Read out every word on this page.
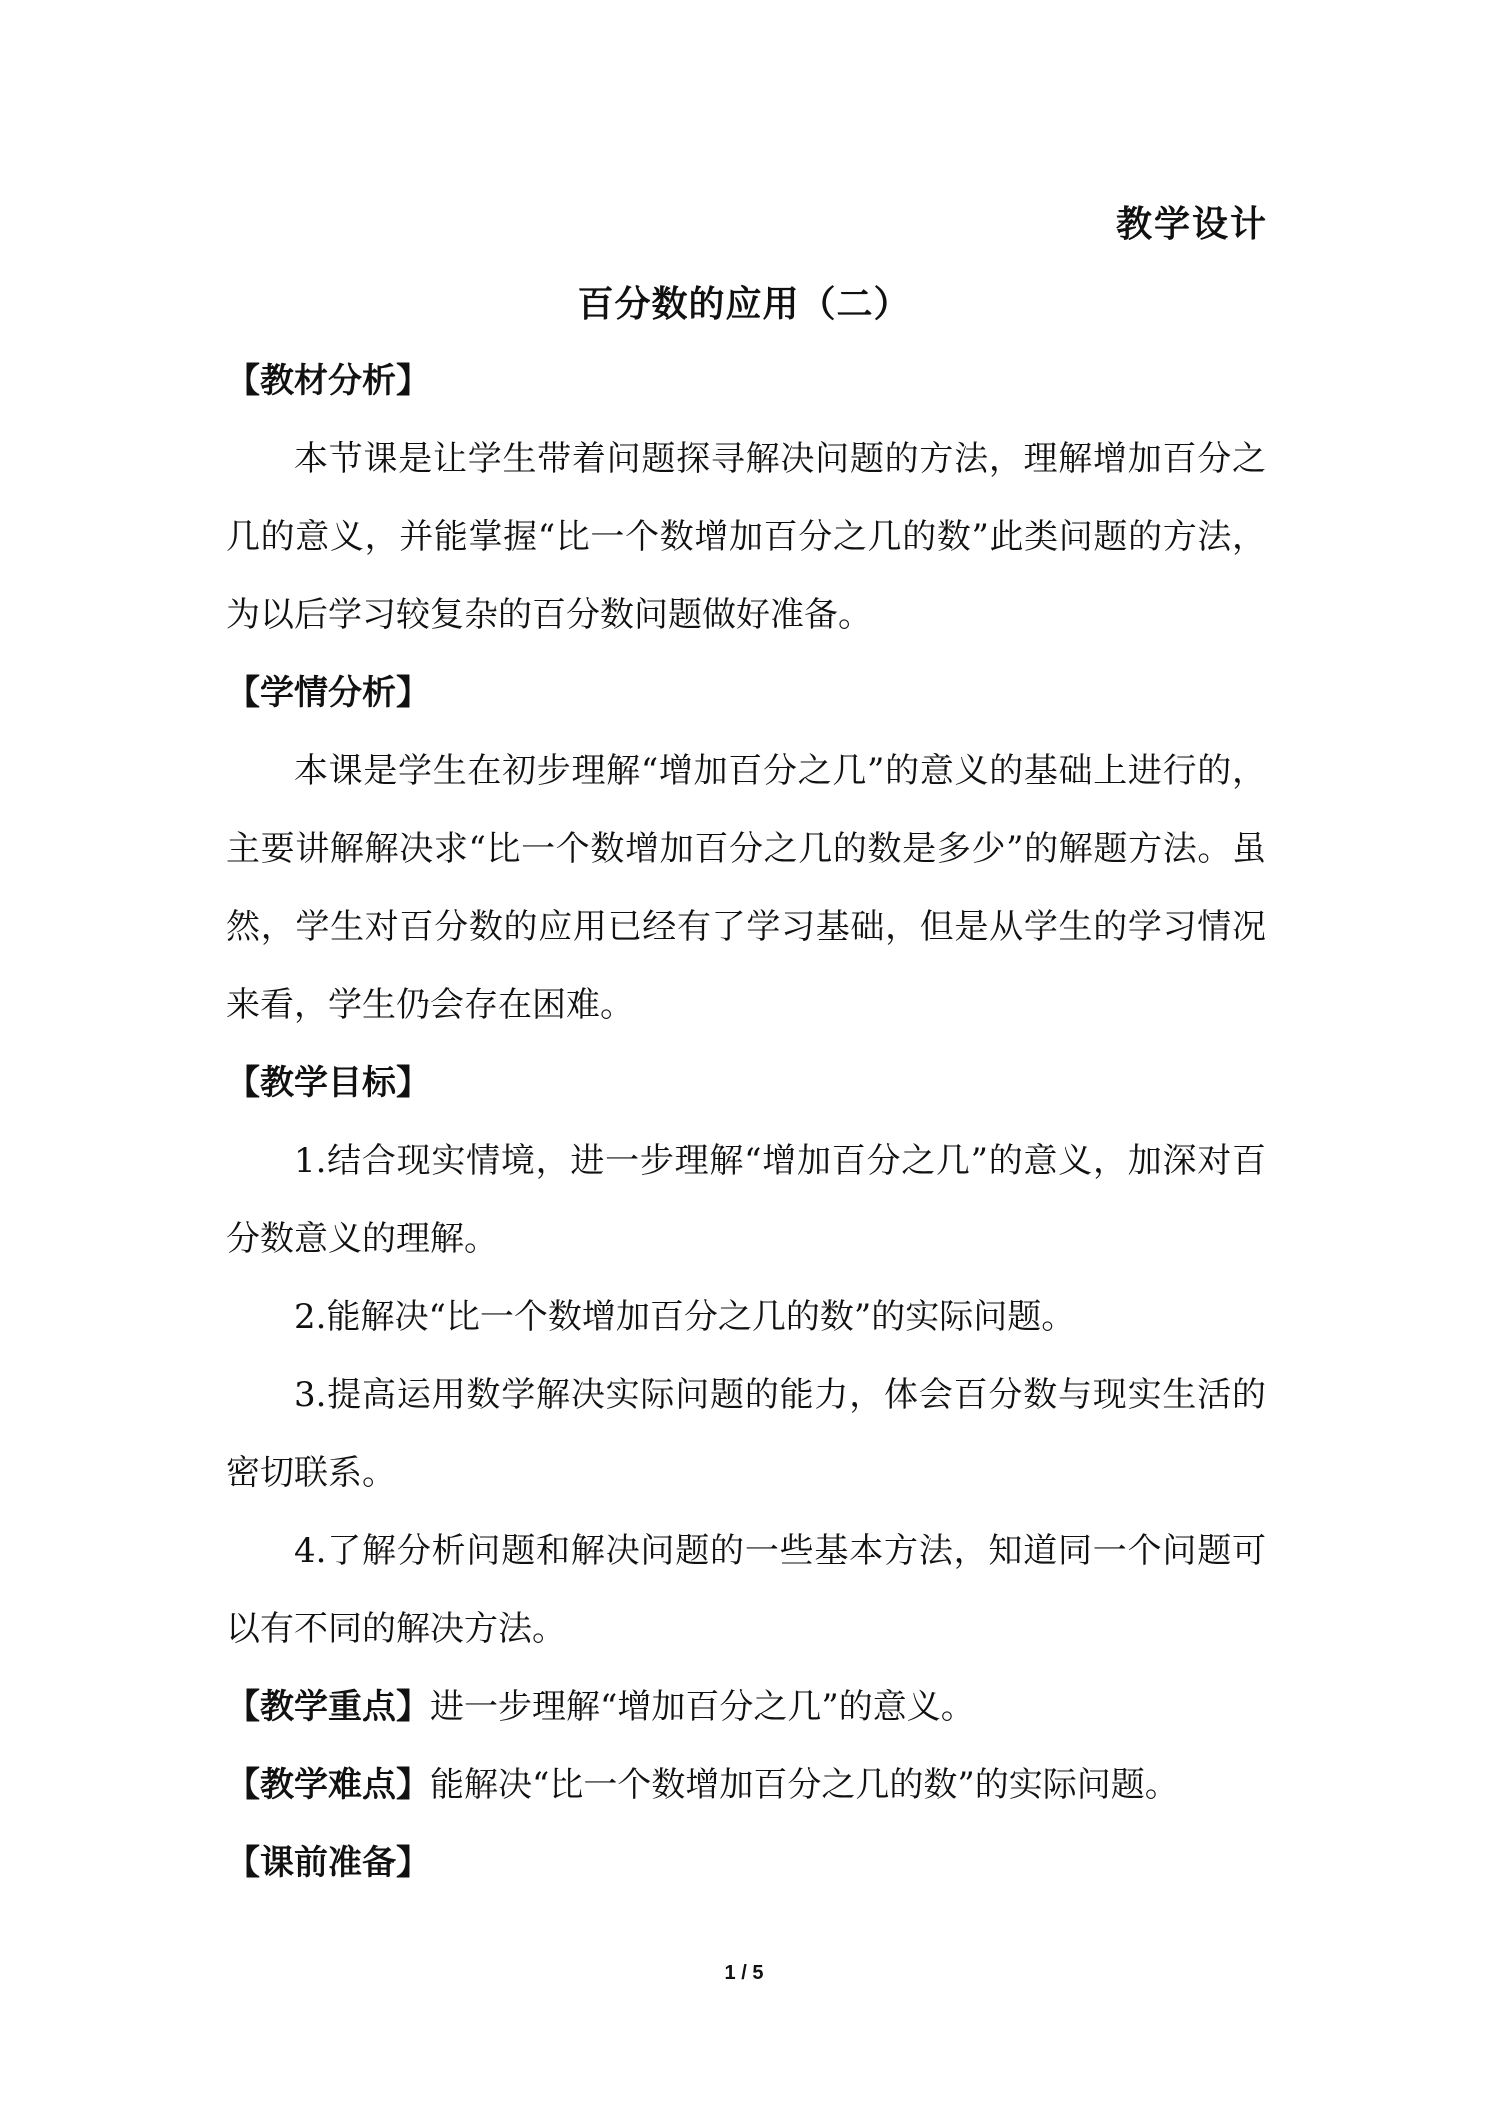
教学设计
百分数的应用（二）
【教材分析】

本节课是让学生带着问题探寻解决问题的方法，理解增加百分之几的意义，并能掌握“比一个数增加百分之几的数”此类问题的方法，为以后学习较复杂的百分数问题做好准备。

【学情分析】

本课是学生在初步理解“增加百分之几”的意义的基础上进行的，主要讲解解决求“比一个数增加百分之几的数是多少”的解题方法。虽然，学生对百分数的应用已经有了学习基础，但是从学生的学习情况来看，学生仍会存在困难。

【教学目标】

1.结合现实情境，进一步理解“增加百分之几”的意义，加深对百分数意义的理解。

2.能解决“比一个数增加百分之几的数”的实际问题。

3.提高运用数学解决实际问题的能力，体会百分数与现实生活的密切联系。

4.了解分析问题和解决问题的一些基本方法，知道同一个问题可以有不同的解决方法。

【教学重点】进一步理解“增加百分之几”的意义。
【教学难点】能解决“比一个数增加百分之几的数”的实际问题。
【课前准备】
1 / 5
